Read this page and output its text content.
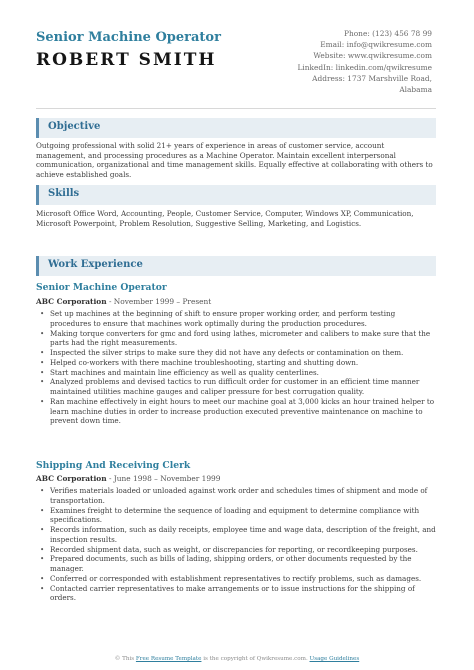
Senior Machine Operator
ROBERT SMITH
Phone: (123) 456 78 99
Email: info@qwikresume.com
Website: www.qwikresume.com
LinkedIn: linkedin.com/qwikresume
Address: 1737 Marshville Road,
Alabama
Objective
Outgoing professional with solid 21+ years of experience in areas of customer service, account management, and processing procedures as a Machine Operator. Maintain excellent interpersonal communication, organizational and time management skills. Equally effective at collaborating with others to achieve established goals.
Skills
Microsoft Office Word, Accounting, People, Customer Service, Computer, Windows XP, Communication, Microsoft Powerpoint, Problem Resolution, Suggestive Selling, Marketing, and Logistics.
Work Experience
Senior Machine Operator
ABC Corporation - November 1999 – Present
• Set up machines at the beginning of shift to ensure proper working order, and perform testing procedures to ensure that machines work optimally during the production procedures.
• Making torque converters for gmc and ford using lathes, micrometer and calibers to make sure that the parts had the right measurements.
• Inspected the silver strips to make sure they did not have any defects or contamination on them.
• Helped co-workers with there machine troubleshooting, starting and shutting down.
• Start machines and maintain line efficiency as well as quality centerlines.
• Analyzed problems and devised tactics to run difficult order for customer in an efficient time manner maintained utilities machine gauges and caliper pressure for best corrugation quality.
• Ran machine effectively in eight hours to meet our machine goal at 3,000 kicks an hour trained helper to learn machine duties in order to increase production executed preventive maintenance on machine to prevent down time.
Shipping And Receiving Clerk
ABC Corporation - June 1998 – November 1999
• Verifies materials loaded or unloaded against work order and schedules times of shipment and mode of transportation.
• Examines freight to determine the sequence of loading and equipment to determine compliance with specifications.
• Records information, such as daily receipts, employee time and wage data, description of the freight, and inspection results.
• Recorded shipment data, such as weight, or discrepancies for reporting, or recordkeeping purposes.
• Prepared documents, such as bills of lading, shipping orders, or other documents requested by the manager.
• Conferred or corresponded with establishment representatives to rectify problems, such as damages.
• Contacted carrier representatives to make arrangements or to issue instructions for the shipping of orders.
© This Free Resume Template is the copyright of Qwikresume.com. Usage Guidelines
